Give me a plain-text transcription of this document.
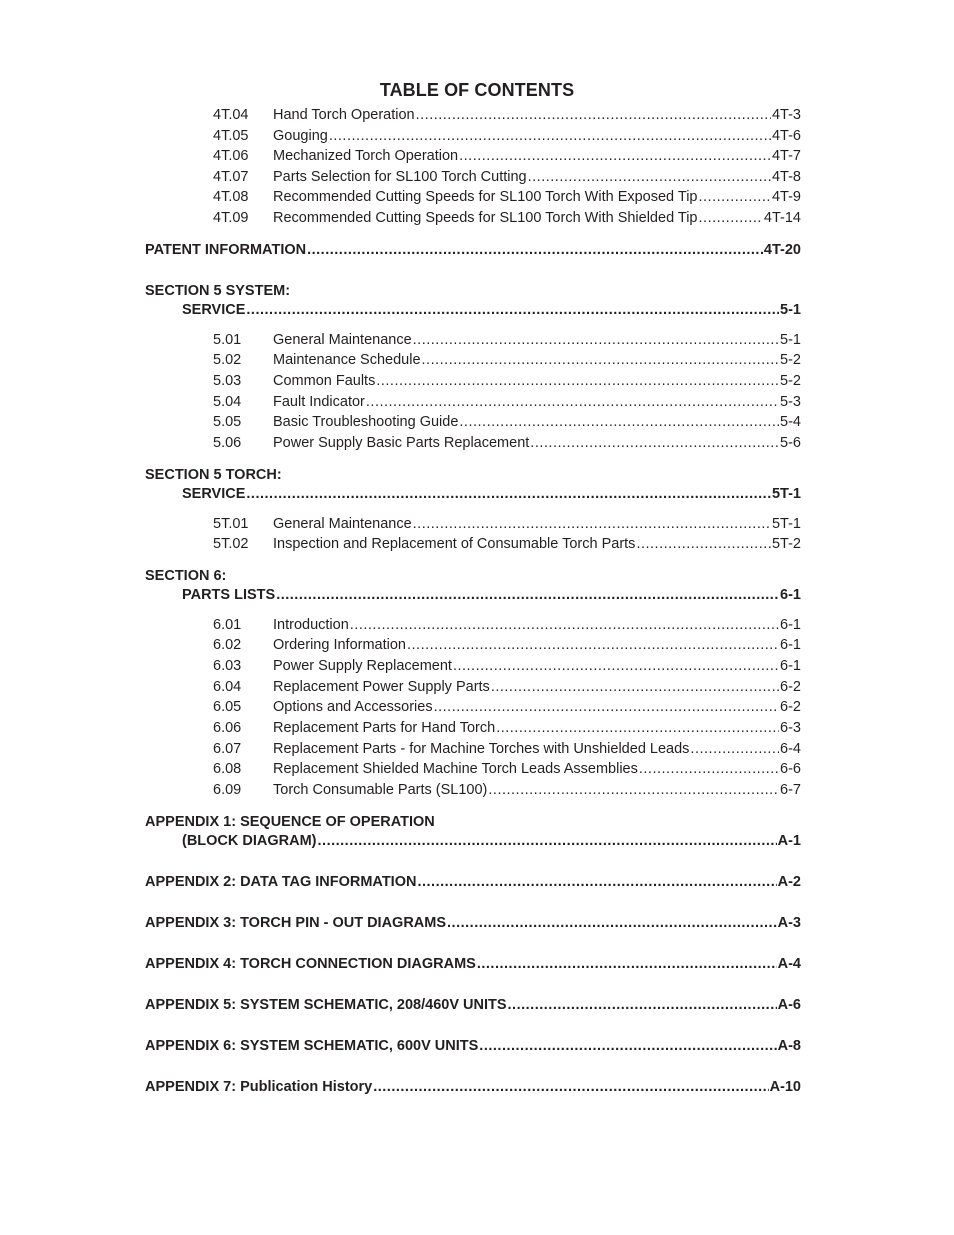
TABLE OF CONTENTS
4T.04	Hand Torch Operation .....	4T-3
4T.05	Gouging .....	4T-6
4T.06	Mechanized Torch Operation .....	4T-7
4T.07	Parts Selection for SL100 Torch Cutting .....	4T-8
4T.08	Recommended Cutting Speeds for SL100 Torch With Exposed Tip .....	4T-9
4T.09	Recommended Cutting Speeds for SL100 Torch With Shielded Tip .....	4T-14
PATENT INFORMATION .....	4T-20
SECTION 5 SYSTEM:
SERVICE .....	5-1
5.01	General Maintenance .....	5-1
5.02	Maintenance Schedule .....	5-2
5.03	Common Faults .....	5-2
5.04	Fault Indicator .....	5-3
5.05	Basic Troubleshooting Guide .....	5-4
5.06	Power Supply Basic Parts Replacement .....	5-6
SECTION 5 TORCH:
SERVICE .....	5T-1
5T.01	General Maintenance .....	5T-1
5T.02	Inspection and Replacement of Consumable Torch Parts .....	5T-2
SECTION 6:
PARTS LISTS .....	6-1
6.01	Introduction .....	6-1
6.02	Ordering Information .....	6-1
6.03	Power Supply Replacement .....	6-1
6.04	Replacement Power Supply Parts .....	6-2
6.05	Options and Accessories .....	6-2
6.06	Replacement Parts for Hand Torch .....	6-3
6.07	Replacement Parts - for Machine Torches with Unshielded Leads .....	6-4
6.08	Replacement Shielded Machine Torch Leads Assemblies .....	6-6
6.09	Torch Consumable Parts (SL100) .....	6-7
APPENDIX 1: SEQUENCE OF OPERATION
(BLOCK DIAGRAM) .....	A-1
APPENDIX 2: DATA TAG INFORMATION .....	A-2
APPENDIX 3: TORCH PIN - OUT DIAGRAMS .....	A-3
APPENDIX 4: TORCH CONNECTION DIAGRAMS .....	A-4
APPENDIX 5: SYSTEM SCHEMATIC, 208/460V UNITS .....	A-6
APPENDIX 6: SYSTEM SCHEMATIC, 600V UNITS .....	A-8
APPENDIX 7: Publication History .....	A-10
